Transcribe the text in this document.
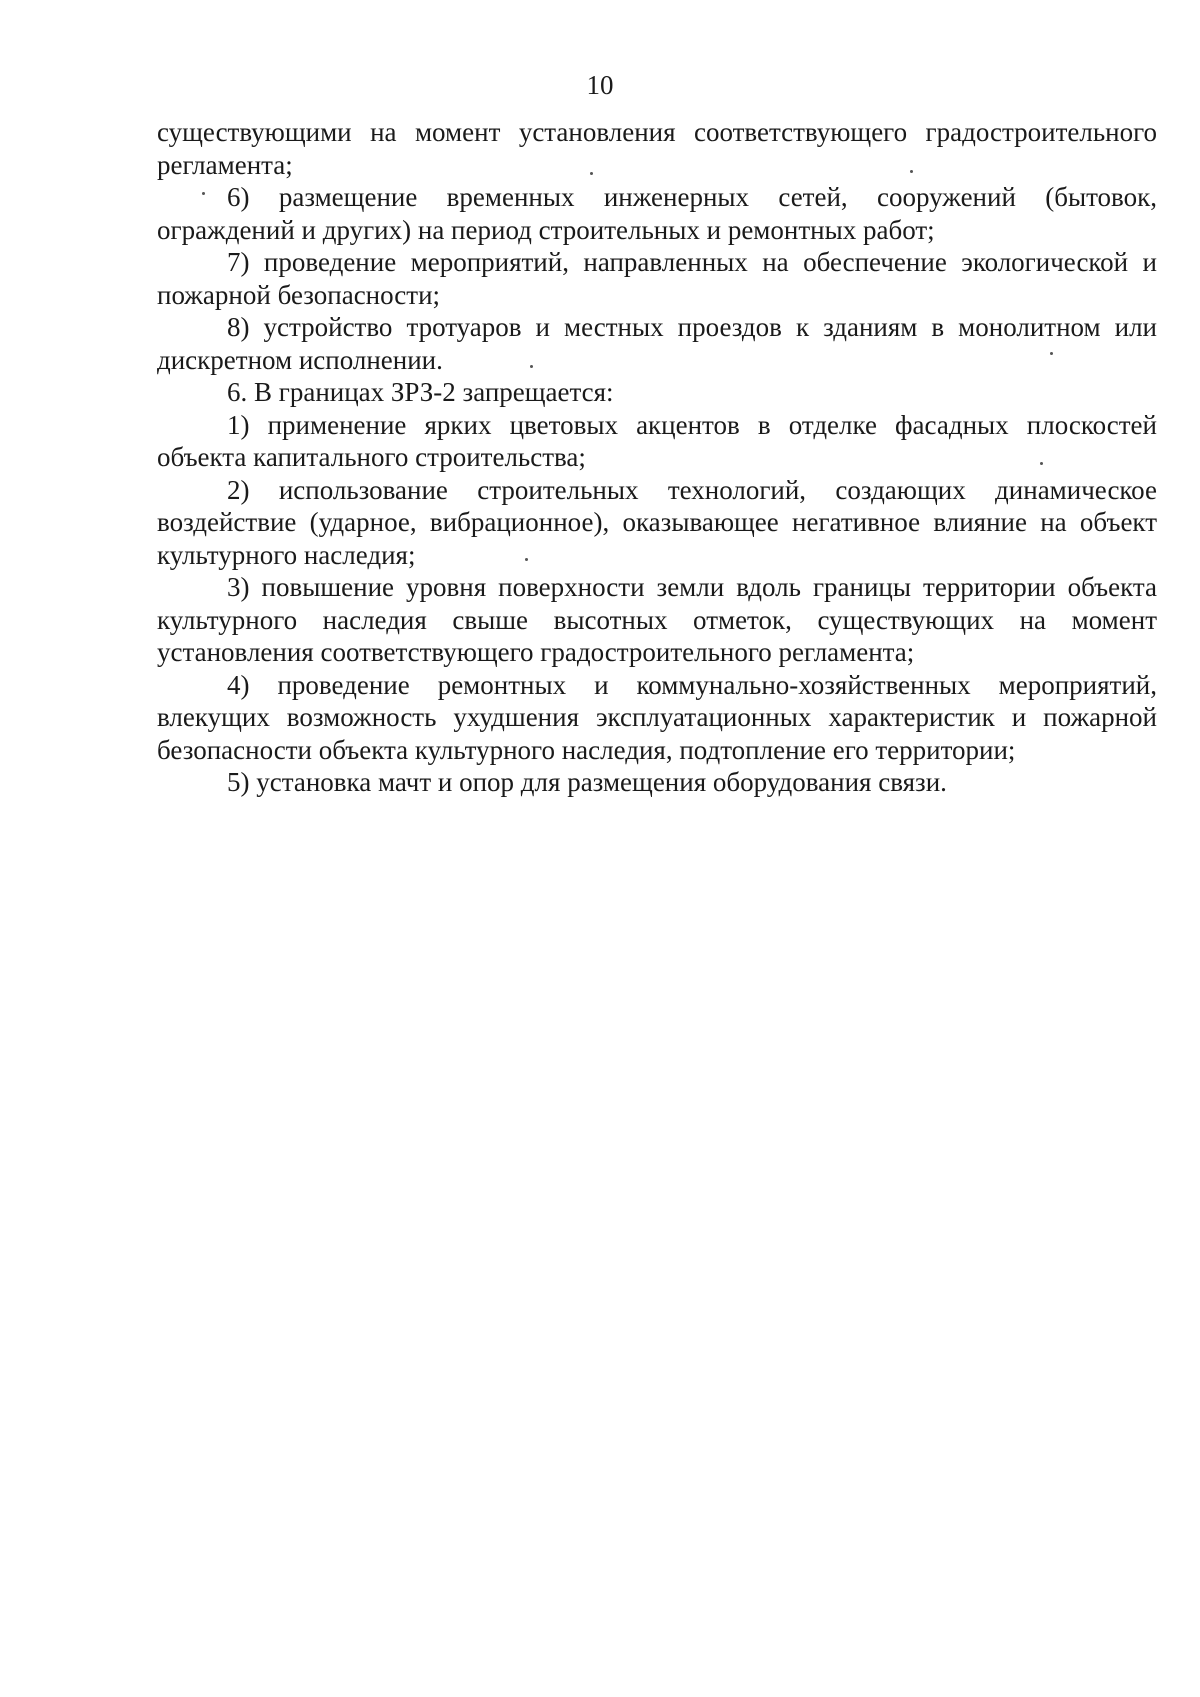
10

существующими на момент установления соответствующего градостроительного регламента;

6) размещение временных инженерных сетей, сооружений (бытовок, ограждений и других) на период строительных и ремонтных работ;

7) проведение мероприятий, направленных на обеспечение экологической и пожарной безопасности;

8) устройство тротуаров и местных проездов к зданиям в монолитном или дискретном исполнении.

6. В границах ЗРЗ-2 запрещается:

1) применение ярких цветовых акцентов в отделке фасадных плоскостей объекта капитального строительства;

2) использование строительных технологий, создающих динамическое воздействие (ударное, вибрационное), оказывающее негативное влияние на объект культурного наследия;

3) повышение уровня поверхности земли вдоль границы территории объекта культурного наследия свыше высотных отметок, существующих на момент установления соответствующего градостроительного регламента;

4) проведение ремонтных и коммунально-хозяйственных мероприятий, влекущих возможность ухудшения эксплуатационных характеристик и пожарной безопасности объекта культурного наследия, подтопление его территории;

5) установка мачт и опор для размещения оборудования связи.
